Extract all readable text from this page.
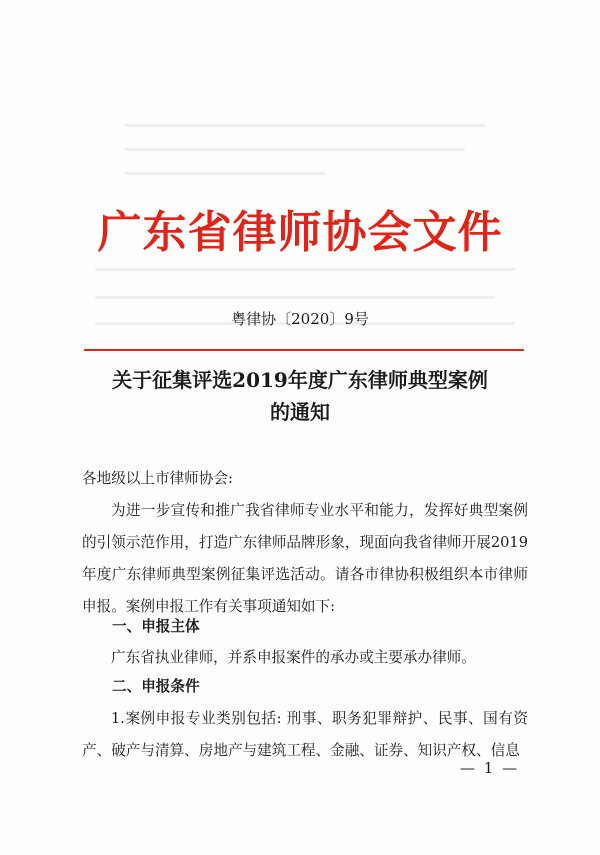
广东省律师协会文件
粤律协〔2020〕9号
关于征集评选2019年度广东律师典型案例
的通知
各地级以上市律师协会:
为进一步宣传和推广我省律师专业水平和能力，发挥好典型案例的引领示范作用，打造广东律师品牌形象，现面向我省律师开展2019年度广东律师典型案例征集评选活动。请各市律协积极组织本市律师申报。案例申报工作有关事项通知如下:
一、申报主体
广东省执业律师，并系申报案件的承办或主要承办律师。
二、申报条件
1.案例申报专业类别包括: 刑事、职务犯罪辩护、民事、国有资产、破产与清算、房地产与建筑工程、金融、证券、知识产权、信息
— 1 —
